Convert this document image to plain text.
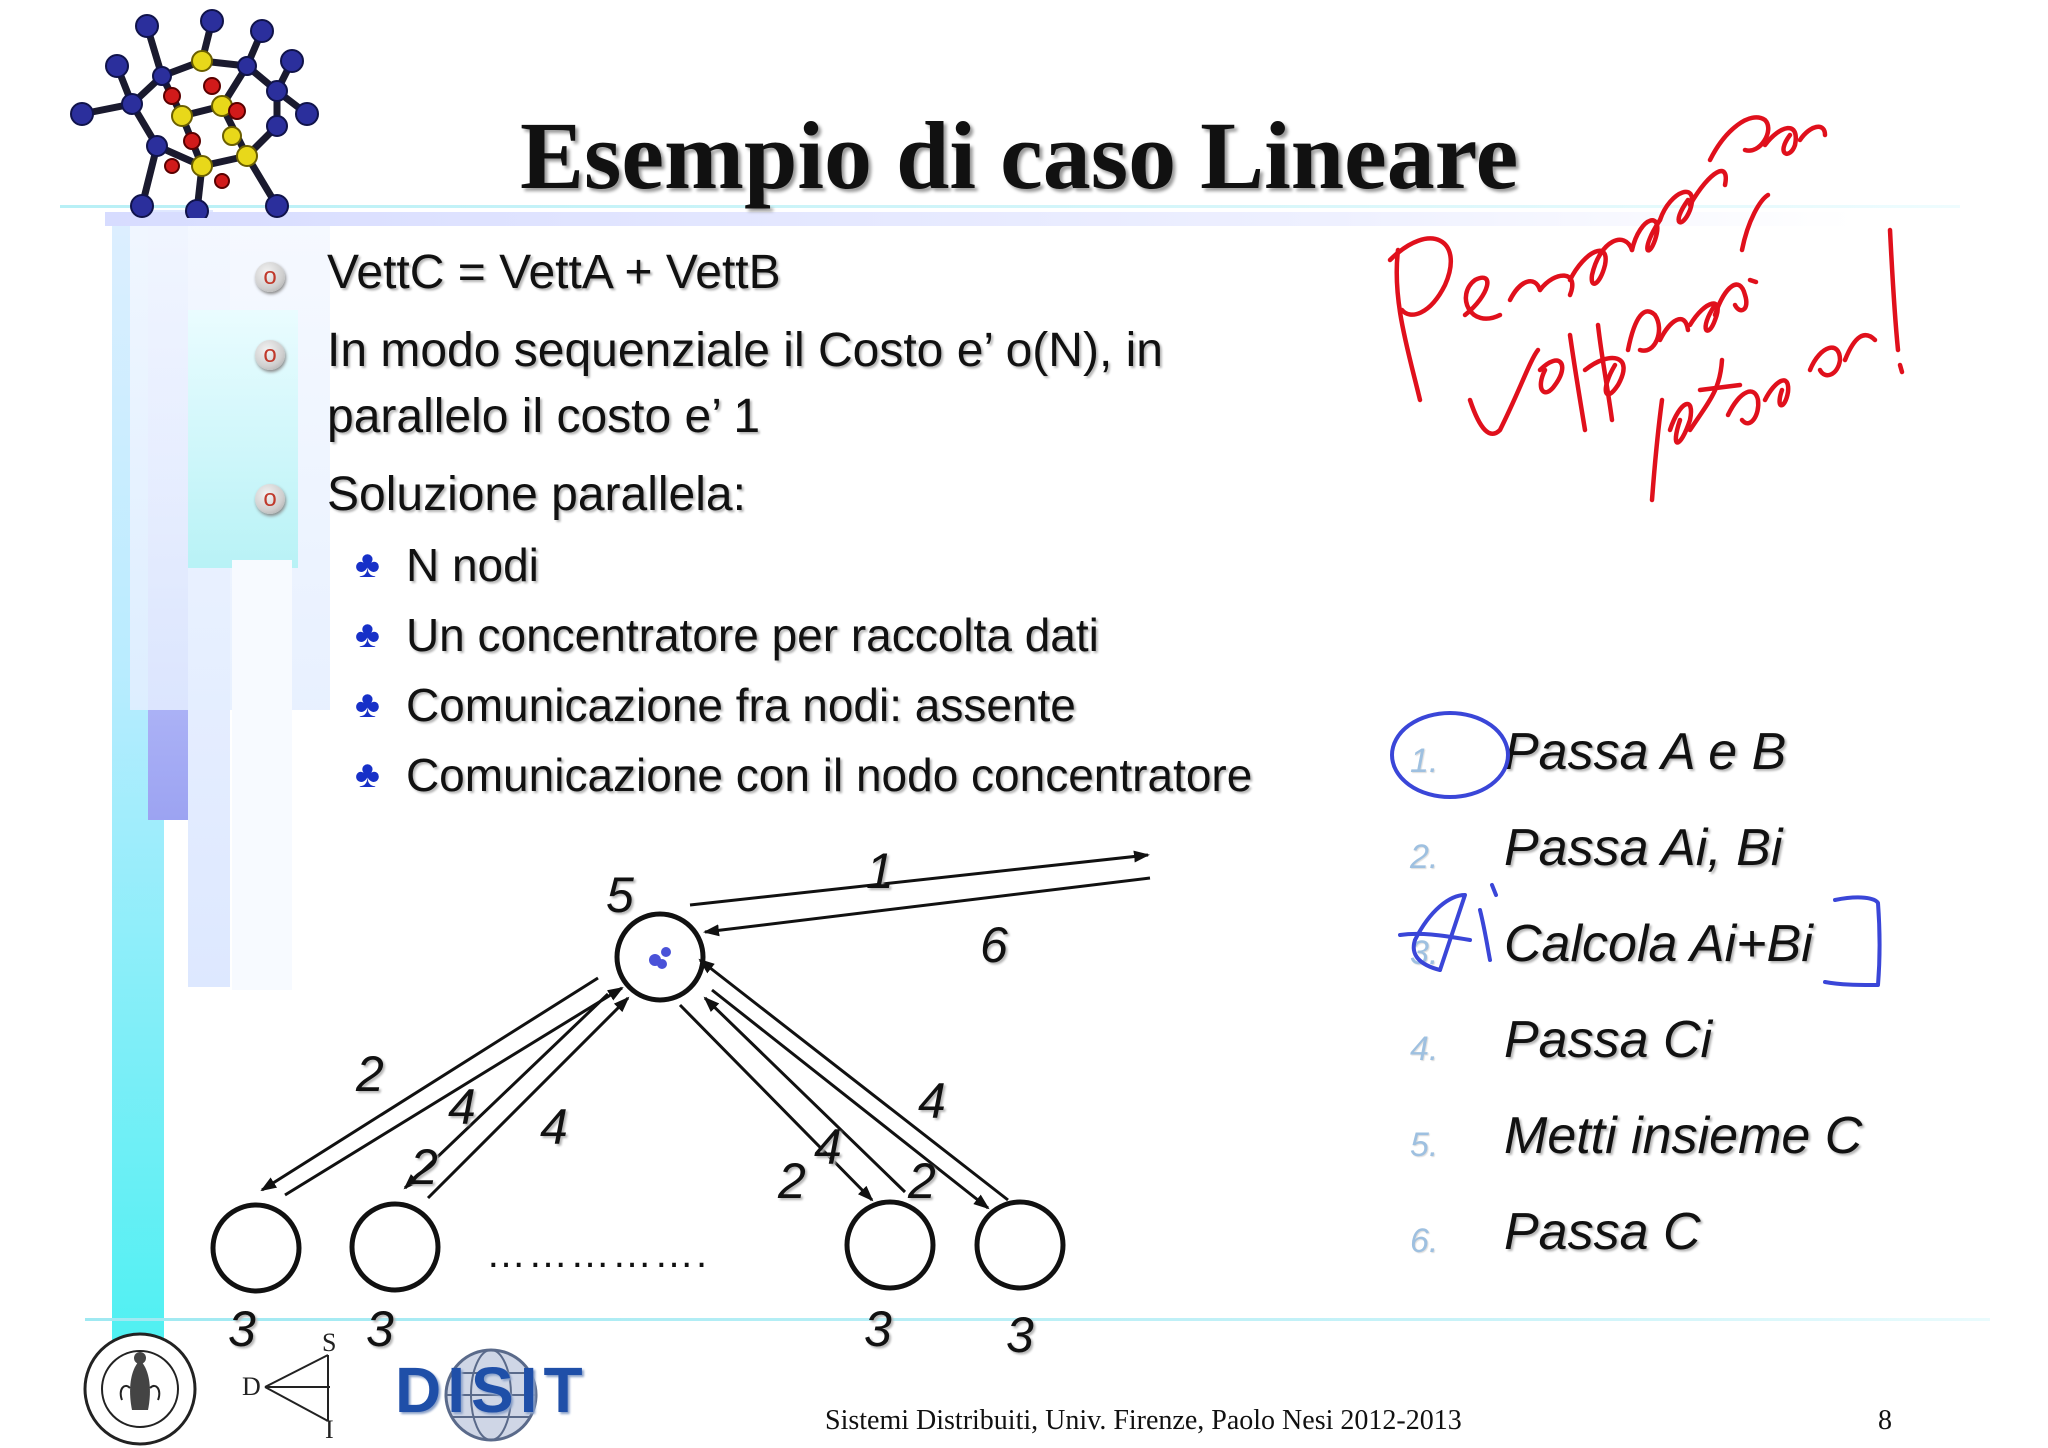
Esempio di caso Lineare
o VettC = VettA + VettB
o In modo sequenziale il Costo e’ o(N), in
parallelo il costo e’ 1
o Soluzione parallela:
♣ N nodi
♣ Un concentratore per raccolta dati
♣ Comunicazione fra nodi: assente
♣ Comunicazione con il nodo concentratore
5	1
6
2
4 4
2	4
2 2
4
3 3	3 3
…………….
1. Passa A e B
2. Passa Ai, Bi
3. Calcola Ai+Bi
4. Passa Ci
5. Metti insieme C
6. Passa C
S
D
I
DISIT	Sistemi Distribuiti, Univ. Firenze, Paolo Nesi 2012-2013	8
